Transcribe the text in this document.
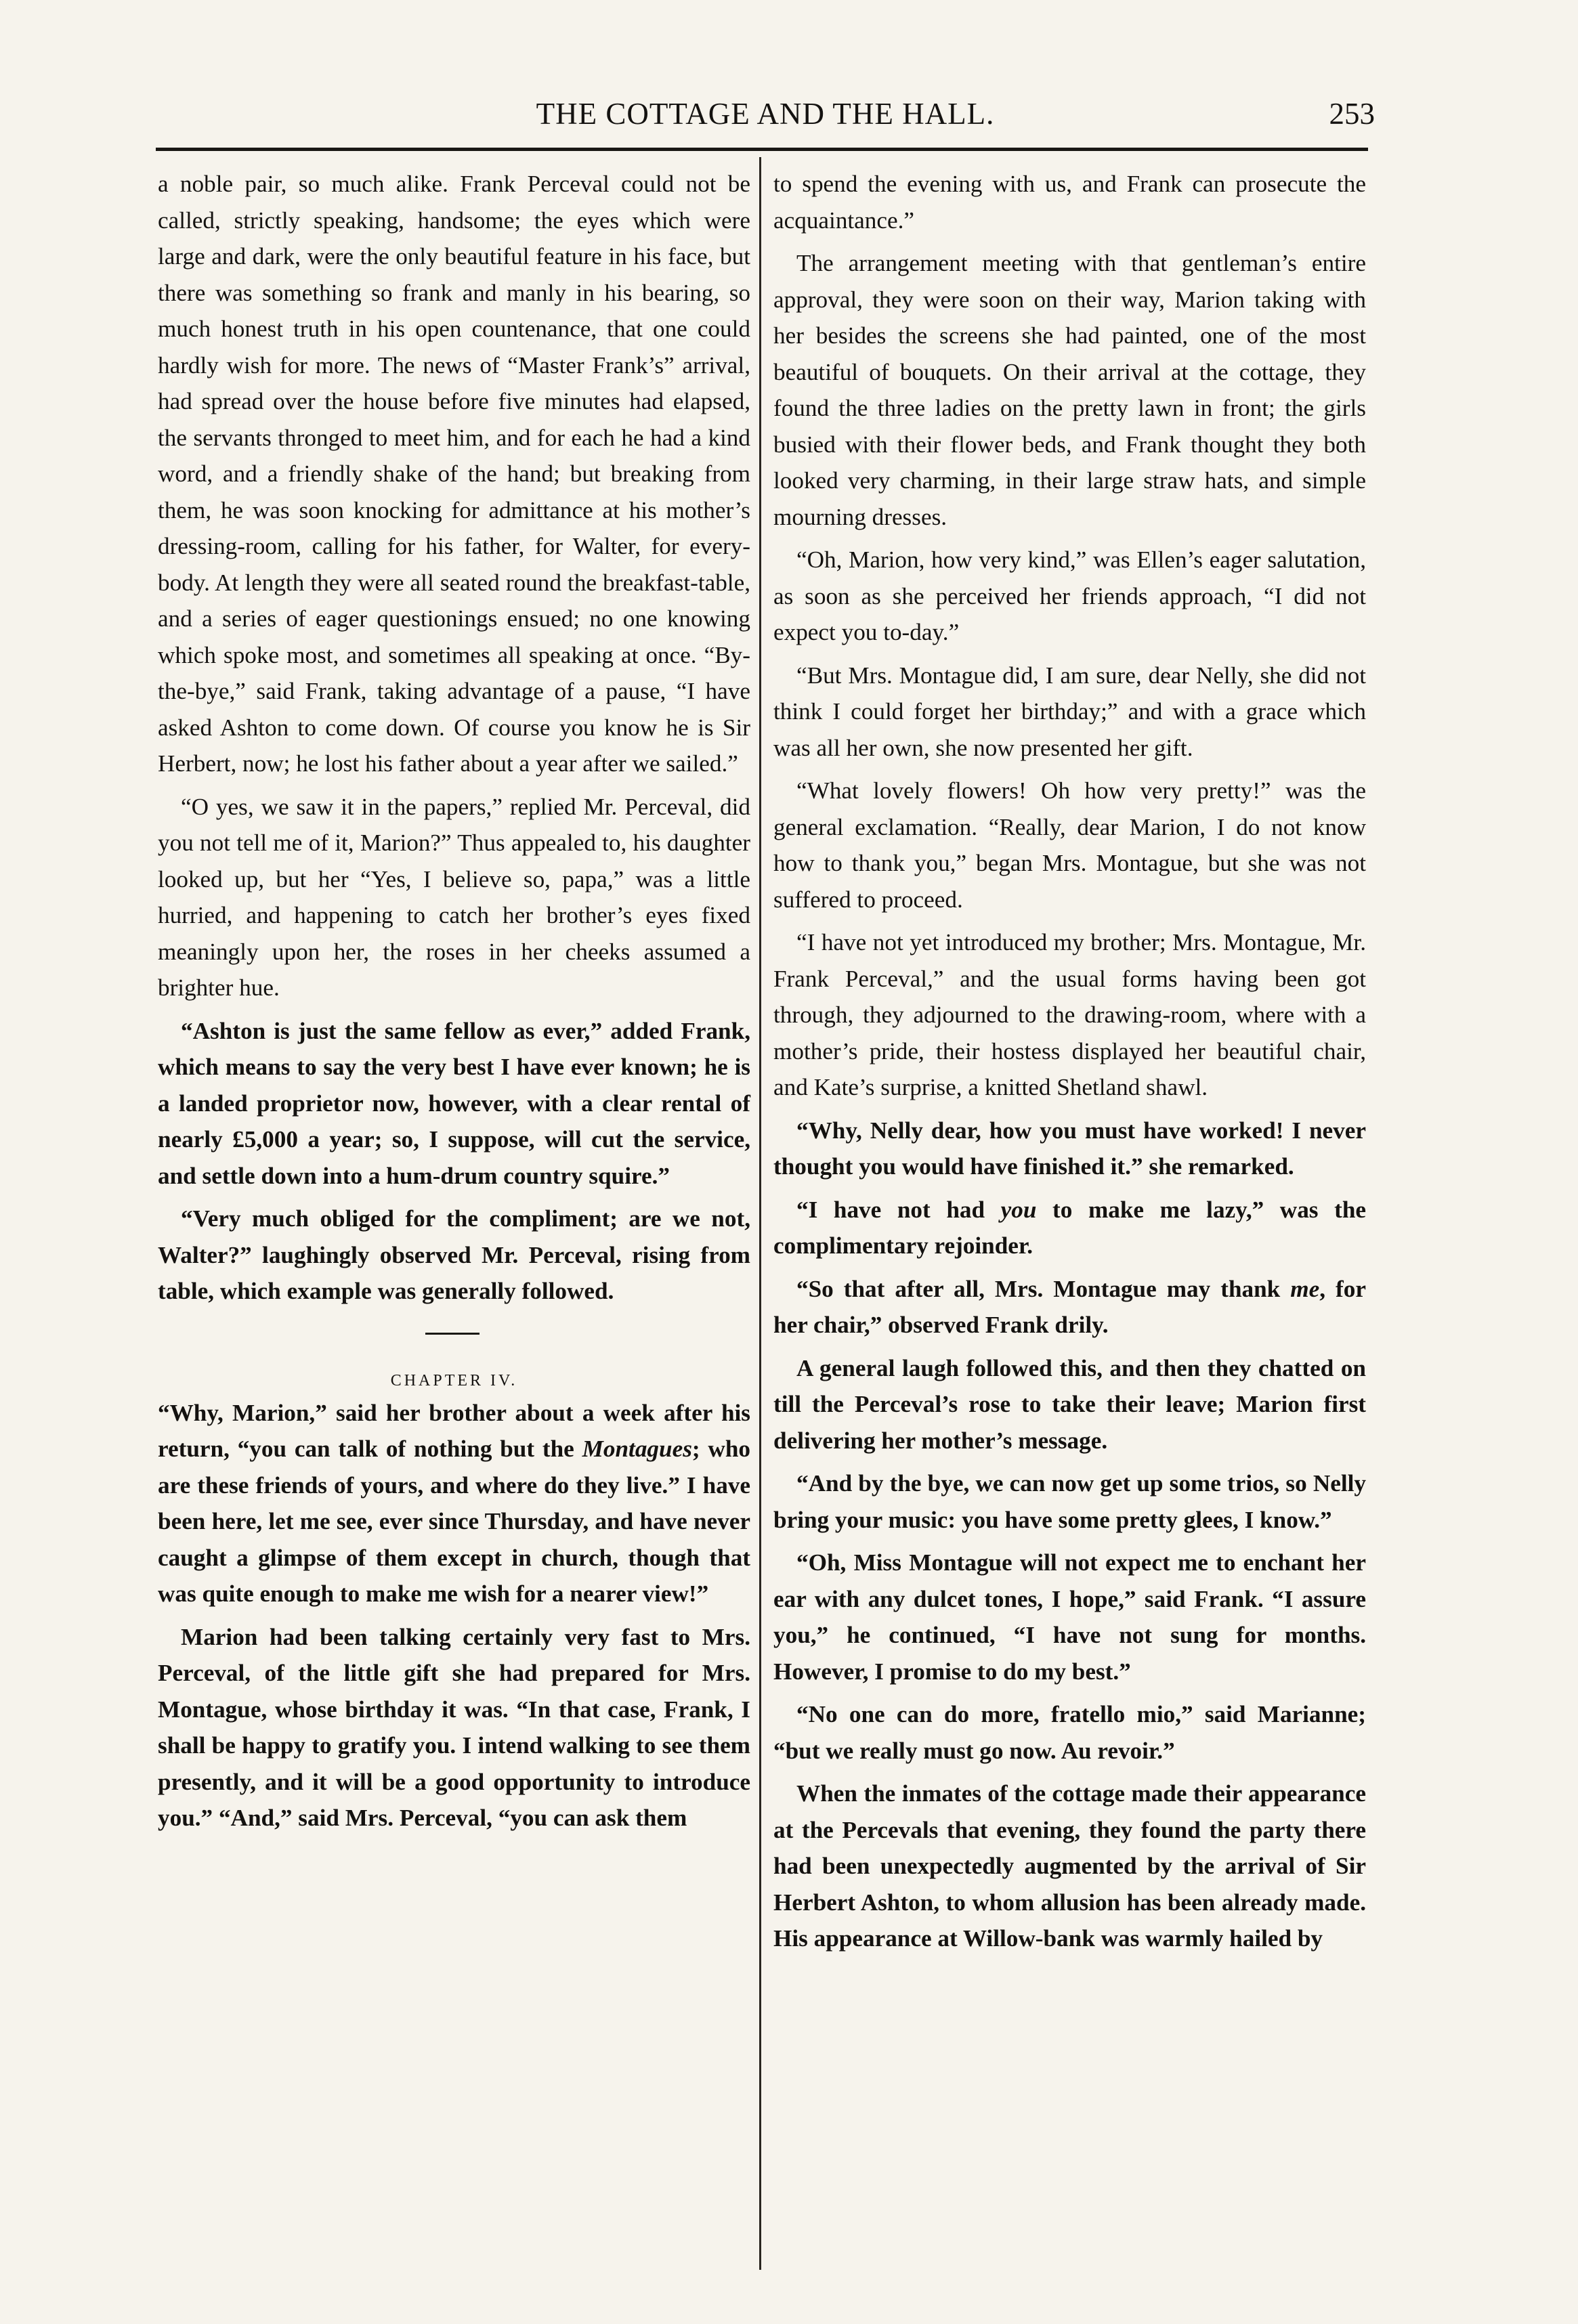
THE COTTAGE AND THE HALL.	253

a noble pair, so much alike. Frank Perceval could not be called, strictly speaking, handsome; the eyes which were large and dark, were the only beautiful feature in his face, but there was something so frank and manly in his bearing, so much honest truth in his open countenance, that one could hardly wish for more. The news of “Master Frank’s” arrival, had spread over the house before five minutes had elapsed, the servants thronged to meet him, and for each he had a kind word, and a friendly shake of the hand; but breaking from them, he was soon knocking for admittance at his mother’s dressing-room, calling for his father, for Walter, for every-body. At length they were all seated round the breakfast-table, and a series of eager questionings ensued; no one knowing which spoke most, and sometimes all speaking at once. “By-the-bye,” said Frank, taking advantage of a pause, “I have asked Ashton to come down. Of course you know he is Sir Herbert, now; he lost his father about a year after we sailed.”

“O yes, we saw it in the papers,” replied Mr. Perceval, did you not tell me of it, Marion?” Thus appealed to, his daughter looked up, but her “Yes, I believe so, papa,” was a little hurried, and happening to catch her brother’s eyes fixed meaningly upon her, the roses in her cheeks assumed a brighter hue.

“Ashton is just the same fellow as ever,” added Frank, which means to say the very best I have ever known; he is a landed proprietor now, however, with a clear rental of nearly £5,000 a year; so, I suppose, will cut the service, and settle down into a hum-drum country squire.”

“Very much obliged for the compliment; are we not, Walter?” laughingly observed Mr. Perceval, rising from table, which example was generally followed.

CHAPTER IV.

“Why, Marion,” said her brother about a week after his return, “you can talk of nothing but the Montagues; who are these friends of yours, and where do they live.” I have been here, let me see, ever since Thursday, and have never caught a glimpse of them except in church, though that was quite enough to make me wish for a nearer view!”

Marion had been talking certainly very fast to Mrs. Perceval, of the little gift she had prepared for Mrs. Montague, whose birthday it was. “In that case, Frank, I shall be happy to gratify you. I intend walking to see them presently, and it will be a good opportunity to introduce you.” “And,” said Mrs. Perceval, “you can ask them

to spend the evening with us, and Frank can prosecute the acquaintance.”

The arrangement meeting with that gentleman’s entire approval, they were soon on their way, Marion taking with her besides the screens she had painted, one of the most beautiful of bouquets. On their arrival at the cottage, they found the three ladies on the pretty lawn in front; the girls busied with their flower beds, and Frank thought they both looked very charming, in their large straw hats, and simple mourning dresses.

“Oh, Marion, how very kind,” was Ellen’s eager salutation, as soon as she perceived her friends approach, “I did not expect you to-day.”

“But Mrs. Montague did, I am sure, dear Nelly, she did not think I could forget her birthday;” and with a grace which was all her own, she now presented her gift.

“What lovely flowers! Oh how very pretty!” was the general exclamation. “Really, dear Marion, I do not know how to thank you,” began Mrs. Montague, but she was not suffered to proceed.

“I have not yet introduced my brother; Mrs. Montague, Mr. Frank Perceval,” and the usual forms having been got through, they adjourned to the drawing-room, where with a mother’s pride, their hostess displayed her beautiful chair, and Kate’s surprise, a knitted Shetland shawl.

“Why, Nelly dear, how you must have worked! I never thought you would have finished it.” she remarked.

“I have not had you to make me lazy,” was the complimentary rejoinder.

“So that after all, Mrs. Montague may thank me, for her chair,” observed Frank drily.

A general laugh followed this, and then they chatted on till the Perceval’s rose to take their leave; Marion first delivering her mother’s message.

“And by the bye, we can now get up some trios, so Nelly bring your music: you have some pretty glees, I know.”

“Oh, Miss Montague will not expect me to enchant her ear with any dulcet tones, I hope,” said Frank. “I assure you,” he continued, “I have not sung for months. However, I promise to do my best.”

“No one can do more, fratello mio,” said Marianne; “but we really must go now. Au revoir.”

When the inmates of the cottage made their appearance at the Percevals that evening, they found the party there had been unexpectedly augmented by the arrival of Sir Herbert Ashton, to whom allusion has been already made. His appearance at Willow-bank was warmly hailed by
